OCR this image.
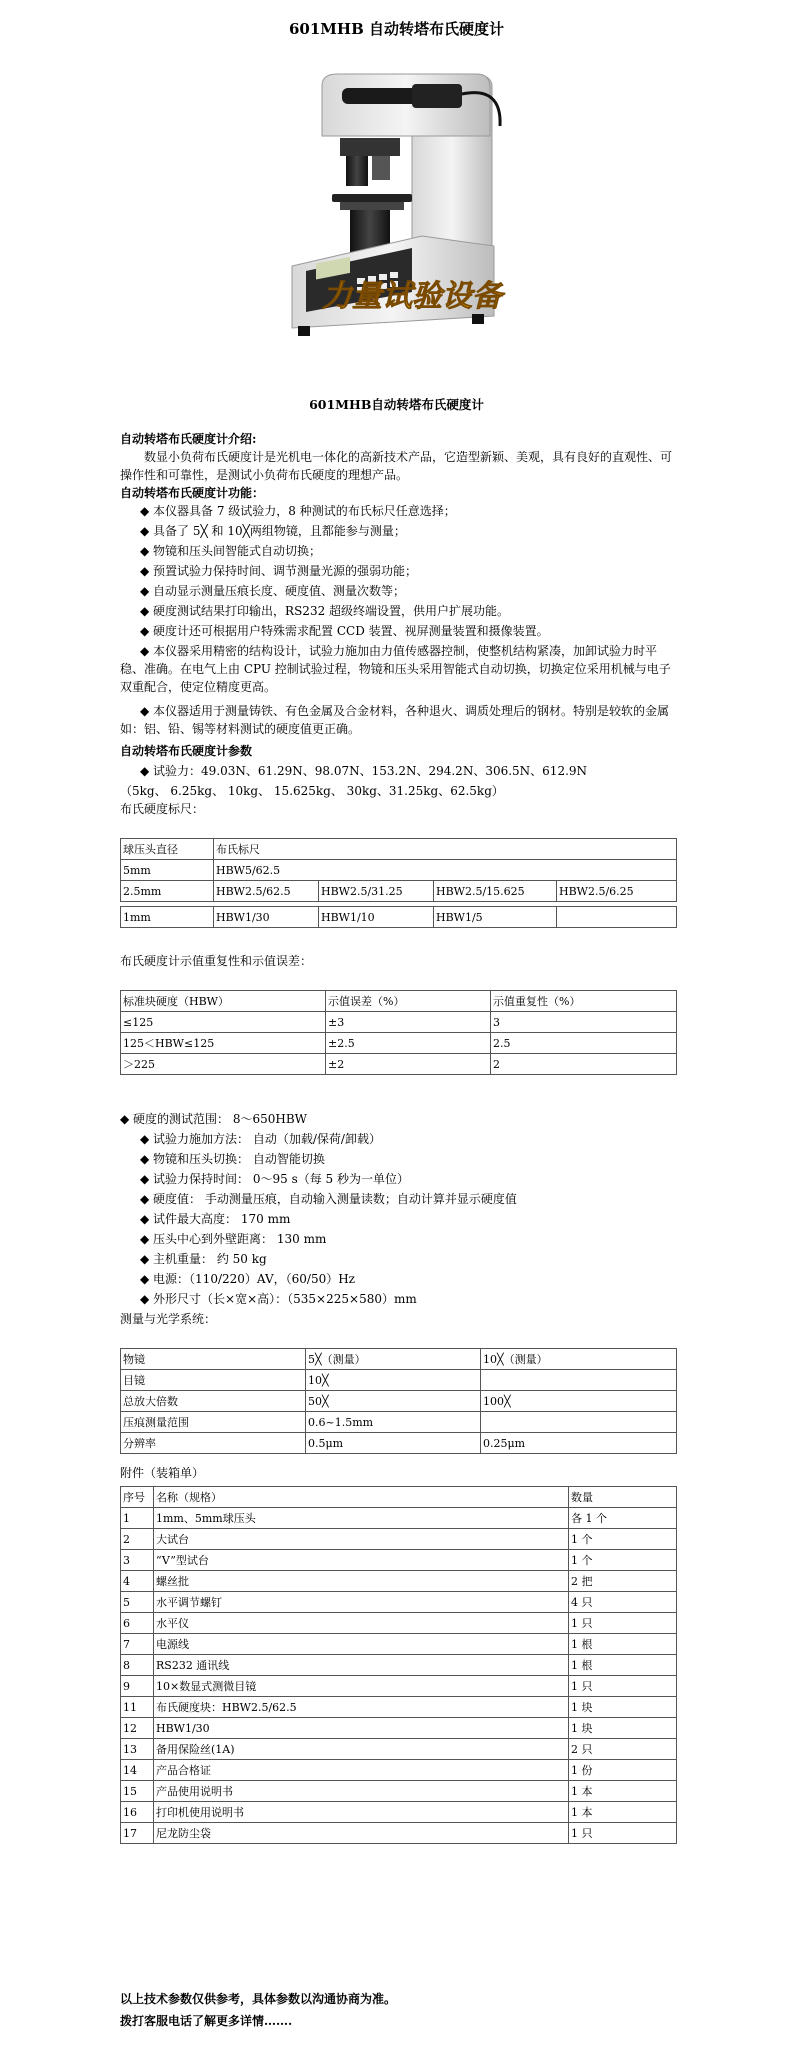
601MHB 自动转塔布氏硬度计
力量试验设备
601MHB自动转塔布氏硬度计
自动转塔布氏硬度计介绍:
数显小负荷布氏硬度计是光机电一体化的高新技术产品，它造型新颖、美观，具有良好的直观性、可操作性和可靠性，是测试小负荷布氏硬度的理想产品。
自动转塔布氏硬度计功能：
◆ 本仪器具备 7 级试验力，8 种测试的布氏标尺任意选择；
◆ 具备了 5╳ 和 10╳两组物镜，且都能参与测量；
◆ 物镜和压头间智能式自动切换；
◆ 预置试验力保持时间、调节测量光源的强弱功能；
◆ 自动显示测量压痕长度、硬度值、测量次数等；
◆ 硬度测试结果打印输出，RS232 超级终端设置，供用户扩展功能。
◆ 硬度计还可根据用户特殊需求配置 CCD 装置、视屏测量装置和摄像装置。
◆ 本仪器采用精密的结构设计，试验力施加由力值传感器控制，使整机结构紧凑，加卸试验力时平稳、准确。在电气上由 CPU 控制试验过程，物镜和压头采用智能式自动切换，切换定位采用机械与电子双重配合，使定位精度更高。
◆ 本仪器适用于测量铸铁、有色金属及合金材料，各种退火、调质处理后的钢材。特别是较软的金属如：铝、铅、锡等材料测试的硬度值更正确。
自动转塔布氏硬度计参数
◆ 试验力：49.03N、61.29N、98.07N、153.2N、294.2N、306.5N、612.9N
（5kg、 6.25kg、 10kg、 15.625kg、 30kg、31.25kg、62.5kg）
布氏硬度标尺：
球压头直径	布氏标尺			
5mm	HBW5/62.5			
2.5mm	HBW2.5/62.5	HBW2.5/31.25	HBW2.5/15.625	HBW2.5/6.25

1mm	HBW1/30	HBW1/10	HBW1/5	
布氏硬度计示值重复性和示值误差：
标准块硬度（HBW）	示值误差（%）	示值重复性（%）
≤125	±3	3
125＜HBW≤125	±2.5	2.5
＞225	±2	2
◆ 硬度的测试范围： 8～650HBW
◆ 试验力施加方法： 自动（加载/保荷/卸载）
◆ 物镜和压头切换： 自动智能切换
◆ 试验力保持时间： 0～95 s（每 5 秒为一单位）
◆ 硬度值： 手动测量压痕，自动输入测量读数；自动计算并显示硬度值
◆ 试件最大高度： 170 mm
◆ 压头中心到外壁距离： 130 mm
◆ 主机重量： 约 50 kg
◆ 电源：（110/220）AV，（60/50）Hz
◆ 外形尺寸（长×宽×高）：（535×225×580）mm
测量与光学系统：
物镜	5╳（测量）	10╳（测量）
目镜	10╳	
总放大倍数	50╳	100╳
压痕测量范围	0.6~1.5mm	
分辨率	0.5μm	0.25μm
附件（装箱单）
序号	名称（规格）	数量
1	1mm、5mm球压头	各 1 个
2	大试台	1 个
3	“V”型试台	1 个
4	螺丝批	2 把
5	水平调节螺钉	4 只
6	水平仪	1 只
7	电源线	1 根
8	RS232 通讯线	1 根
9	10×数显式测微目镜	1 只
11	布氏硬度块：HBW2.5/62.5	1 块
12	HBW1/30	1 块
13	备用保险丝(1A)	2 只
14	产品合格证	1 份
15	产品使用说明书	1 本
16	打印机使用说明书	1 本
17	尼龙防尘袋	1 只
以上技术参数仅供参考，具体参数以沟通协商为准。
拨打客服电话了解更多详情…….
